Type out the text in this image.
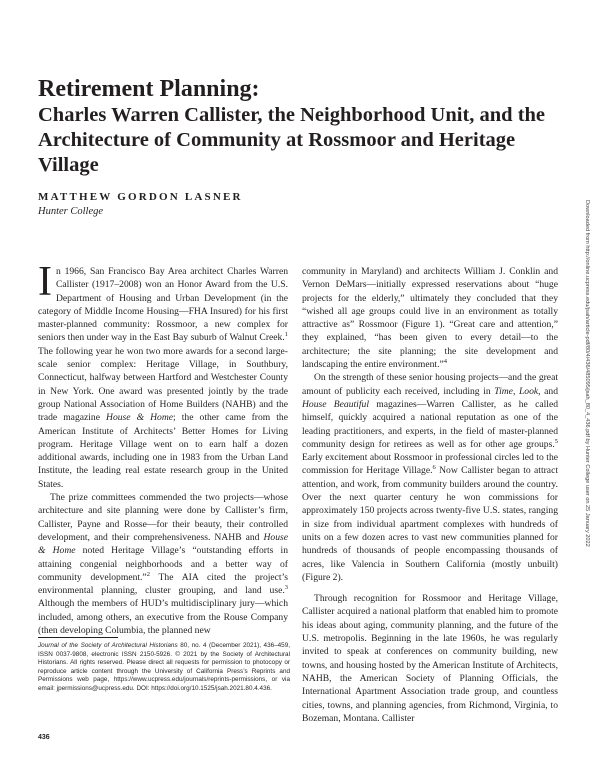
Retirement Planning:
Charles Warren Callister, the Neighborhood Unit, and the Architecture of Community at Rossmoor and Heritage Village
MATTHEW GORDON LASNER
Hunter College	Downloaded from http://online.ucpress.edu/jsah/article-pdf/80/4/436/485095/jsah_80_4_436.pdf by Hunter College user on 25 January 2022

In 1966, San Francisco Bay Area architect Charles Warren Callister (1917–2008) won an Honor Award from the U.S. Department of Housing and Urban Development (in the category of Middle Income Housing—FHA Insured) for his first master-planned community: Rossmoor, a new complex for seniors then under way in the East Bay suburb of Walnut Creek.$^1$ The following year he won two more awards for a second large-scale senior complex: Heritage Village, in Southbury, Connecticut, halfway between Hartford and Westchester County in New York. One award was presented jointly by the trade group National Association of Home Builders (NAHB) and the trade magazine House & Home; the other came from the American Institute of Architects’ Better Homes for Living program. Heritage Village went on to earn half a dozen additional awards, including one in 1983 from the Urban Land Institute, the leading real estate research group in the United States.

The prize committees commended the two projects—whose architecture and site planning were done by Callister’s firm, Callister, Payne and Rosse—for their beauty, their controlled development, and their comprehensiveness. NAHB and House & Home noted Heritage Village’s “outstanding efforts in attaining congenial neighborhoods and a better way of community development.”$^2$ The AIA cited the project’s environmental planning, cluster grouping, and land use.$^3$ Although the members of HUD’s multidisciplinary jury—which included, among others, an executive from the Rouse Company (then developing Columbia, the planned new

Journal of the Society of Architectural Historians 80, no. 4 (December 2021), 436–459, ISSN 0037-9808, electronic ISSN 2150-5926. © 2021 by the Society of Architectural Historians. All rights reserved. Please direct all requests for permission to photocopy or reproduce article content through the University of California Press’s Reprints and Permissions web page, https://www.ucpress.edu/journals/reprints-permissions, or via email: jpermissions@ucpress.edu. DOI: https://doi.org/10.1525/jsah.2021.80.4.436.

community in Maryland) and architects William J. Conklin and Vernon DeMars—initially expressed reservations about “huge projects for the elderly,” ultimately they concluded that they “wished all age groups could live in an environment as totally attractive as” Rossmoor (Figure 1). “Great care and attention,” they explained, “has been given to every detail—to the architecture; the site planning; the site development and landscaping the entire environment.”$^4$

On the strength of these senior housing projects—and the great amount of publicity each received, including in Time, Look, and House Beautiful magazines—Warren Callister, as he called himself, quickly acquired a national reputation as one of the leading practitioners, and experts, in the field of master-planned community design for retirees as well as for other age groups.$^5$ Early excitement about Rossmoor in professional circles led to the commission for Heritage Village.$^6$ Now Callister began to attract attention, and work, from community builders around the country. Over the next quarter century he won commissions for approximately 150 projects across twenty-five U.S. states, ranging in size from individual apartment complexes with hundreds of units on a few dozen acres to vast new communities planned for hundreds of thousands of people encompassing thousands of acres, like Valencia in Southern California (mostly unbuilt) (Figure 2).

Through recognition for Rossmoor and Heritage Village, Callister acquired a national platform that enabled him to promote his ideas about aging, community planning, and the future of the U.S. metropolis. Beginning in the late 1960s, he was regularly invited to speak at conferences on community building, new towns, and housing hosted by the American Institute of Architects, NAHB, the American Society of Planning Officials, the International Apartment Association trade group, and countless cities, towns, and planning agencies, from Richmond, Virginia, to Bozeman, Montana. Callister

436
